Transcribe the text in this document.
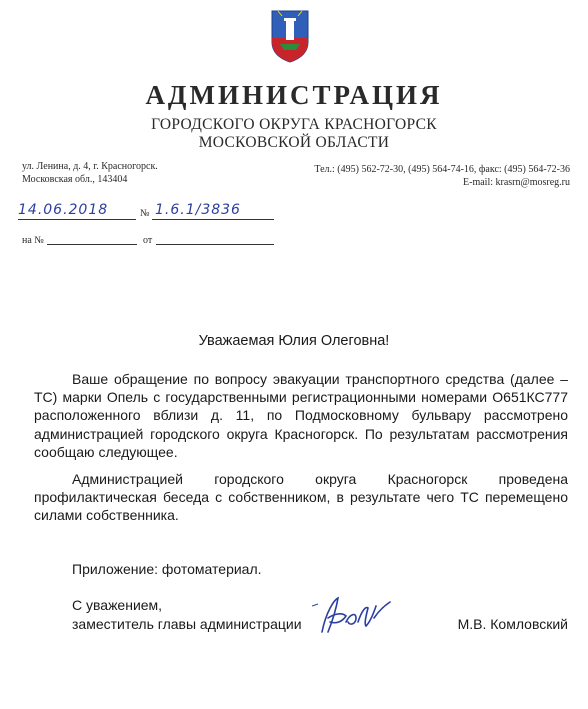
АДМИНИСТРАЦИЯ
ГОРОДСКОГО ОКРУГА КРАСНОГОРСК
МОСКОВСКОЙ ОБЛАСТИ
ул. Ленина, д. 4, г. Красногорск.
Московская обл., 143404
Тел.: (495) 562-72-30, (495) 564-74-16, факс: (495) 564-72-36
E-mail: krasrn@mosreg.ru
14.06.2018	№ 1.6.1/3836
на №	от
Уважаемая Юлия Олеговна!
Ваше обращение по вопросу эвакуации транспортного средства (далее – ТС) марки Опель с государственными регистрационными номерами О651КС777 расположенного вблизи д. 11, по Подмосковному бульвару рассмотрено администрацией городского округа Красногорск. По результатам рассмотрения сообщаю следующее.
Администрацией городского округа Красногорск проведена профилактическая беседа с собственником, в результате чего ТС перемещено силами собственника.
Приложение: фотоматериал.
С уважением,
заместитель главы администрации	М.В. Комловский
